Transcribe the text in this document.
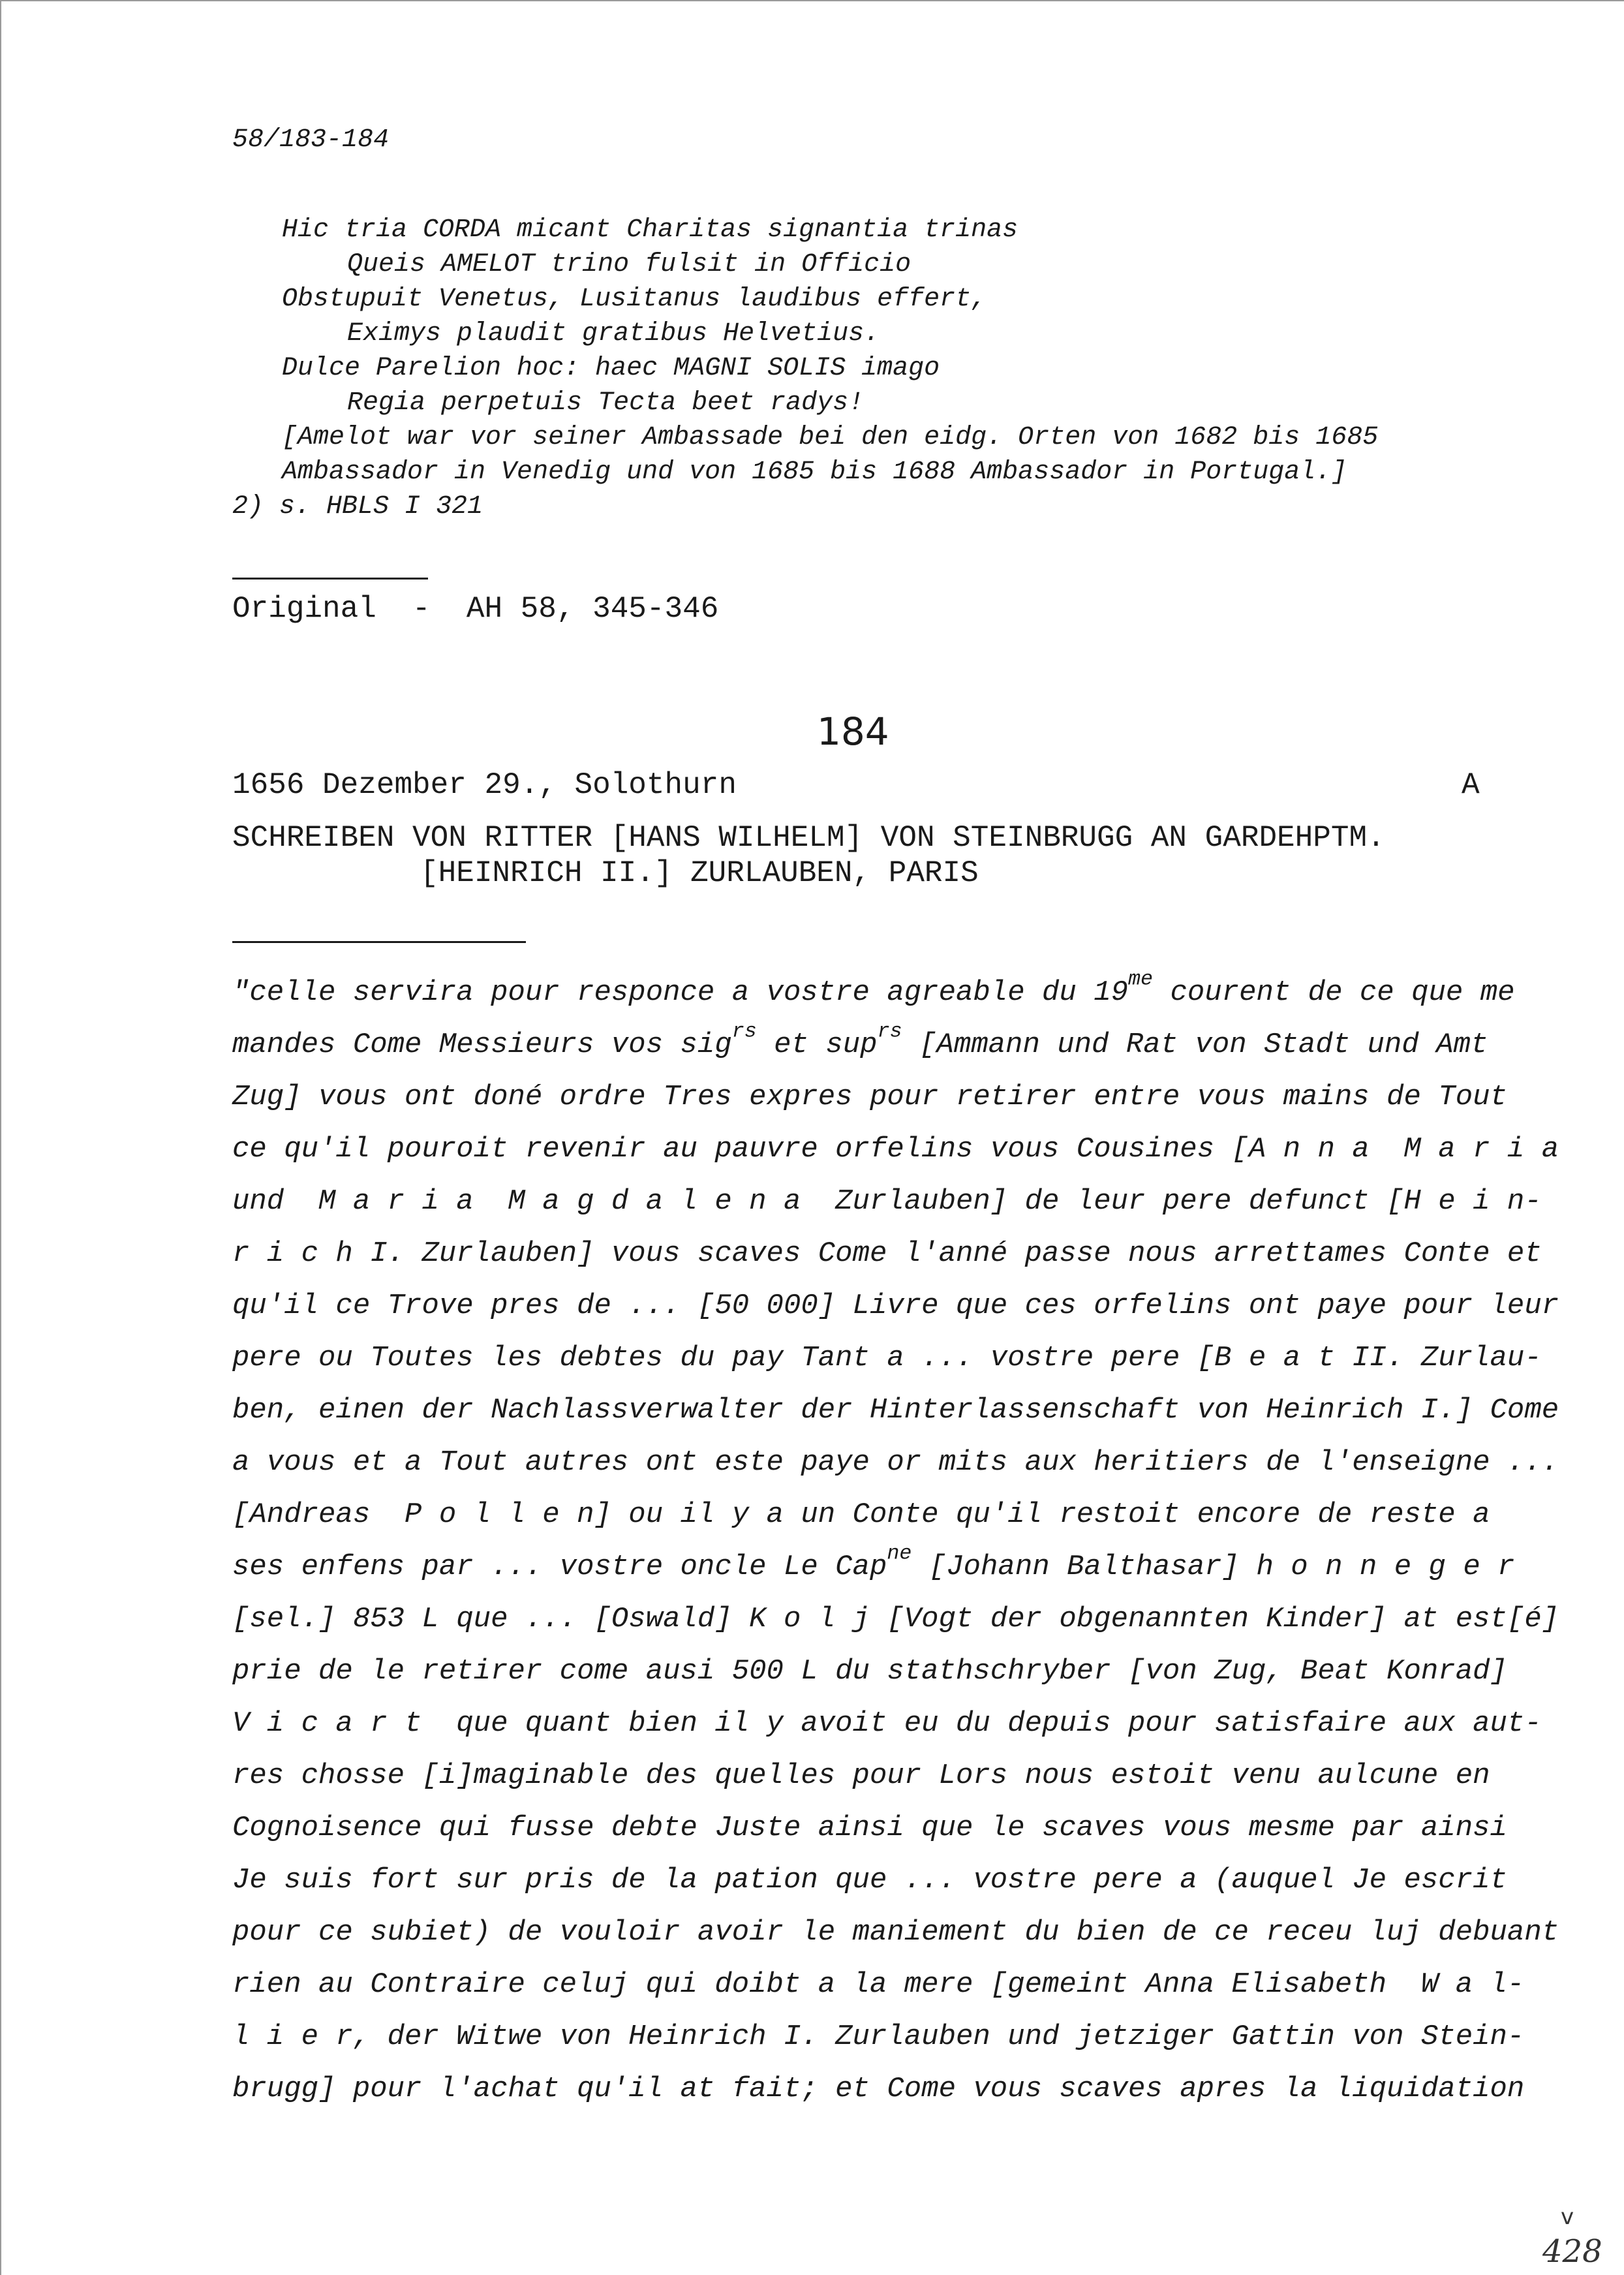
58/183-184
Hic tria CORDA micant Charitas signantia trinas
Queis AMELOT trino fulsit in Officio
Obstupuit Venetus, Lusitanus laudibus effert,
Eximys plaudit gratibus Helvetius.
Dulce Parelion hoc: haec MAGNI SOLIS imago
Regia perpetuis Tecta beet radys!
[Amelot war vor seiner Ambassade bei den eidg. Orten von 1682 bis 1685
Ambassador in Venedig und von 1685 bis 1688 Ambassador in Portugal.]
2) s. HBLS I 321
Original  -  AH 58, 345-346
184
1656 Dezember 29., Solothurn	A
SCHREIBEN VON RITTER [HANS WILHELM] VON STEINBRUGG AN GARDEHPTM.
[HEINRICH II.] ZURLAUBEN, PARIS
"celle servira pour responce a vostre agreable du $19^{me}$ courent de ce que me
mandes Come Messieurs vos sig$^{rs}$ et sup$^{rs}$ [Ammann und Rat von Stadt und Amt
Zug] vous ont doné ordre Tres expres pour retirer entre vous mains de Tout
ce qu'il pouroit revenir au pauvre orfelins vous Cousines [A n n a  M a r i a
und  M a r i a  M a g d a l e n a  Zurlauben] de leur pere defunct [H e i n-
r i c h I. Zurlauben] vous scaves Come l'anné passe nous arrettames Conte et
qu'il ce Trove pres de ... [50 000] Livre que ces orfelins ont paye pour leur
pere ou Toutes les debtes du pay Tant a ... vostre pere [B e a t II. Zurlau-
ben, einen der Nachlassverwalter der Hinterlassenschaft von Heinrich I.] Come
a vous et a Tout autres ont este paye or mits aux heritiers de l'enseigne ...
[Andreas  P o l l e n] ou il y a un Conte qu'il restoit encore de reste a
ses enfens par ... vostre oncle Le Cap$^{ne}$ [Johann Balthasar] h o n n e g e r
[sel.] 853 L que ... [Oswald] K o l j [Vogt der obgenannten Kinder] at est[é]
prie de le retirer come ausi 500 L du stathschryber [von Zug, Beat Konrad]
V i c a r t  que quant bien il y avoit eu du depuis pour satisfaire aux aut-
res chosse [i]maginable des quelles pour Lors nous estoit venu aulcune en
Cognoisence qui fusse debte Juste ainsi que le scaves vous mesme par ainsi
Je suis fort sur pris de la pation que ... vostre pere a (auquel Je escrit
pour ce subiet) de vouloir avoir le maniement du bien de ce receu luj debuant
rien au Contraire celuj qui doibt a la mere [gemeint Anna Elisabeth  W a l-
l i e r, der Witwe von Heinrich I. Zurlauben und jetziger Gattin von Stein-
brugg] pour l'achat qu'il at fait; et Come vous scaves apres la liquidation
v
428
